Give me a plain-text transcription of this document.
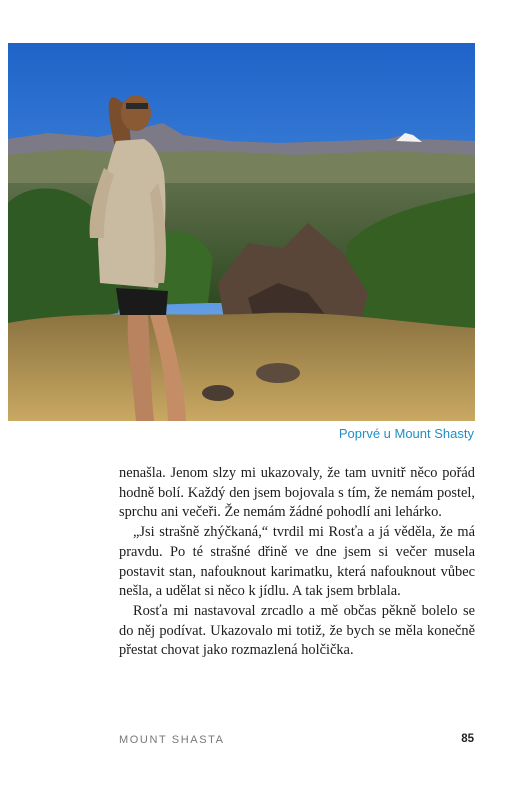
Poprvé u Mount Shasty

nenašla. Jenom slzy mi ukazovaly, že tam uvnitř něco pořád hodně bolí. Každý den jsem bojovala s tím, že nemám postel, sprchu ani večeři. Že nemám žádné pohodlí ani lehárko.

„Jsi strašně zhýčkaná,“ tvrdil mi Rosťa a já věděla, že má pravdu. Po té strašné dřině ve dne jsem si večer musela postavit stan, nafouknout karimatku, která nafouknout vůbec nešla, a udělat si něco k jídlu. A tak jsem brblala.

Rosťa mi nastavoval zrcadlo a mě občas pěkně bolelo se do něj podívat. Ukazovalo mi totiž, že bych se měla konečně přestat chovat jako rozmazlená holčička.

MOUNT SHASTA	85
